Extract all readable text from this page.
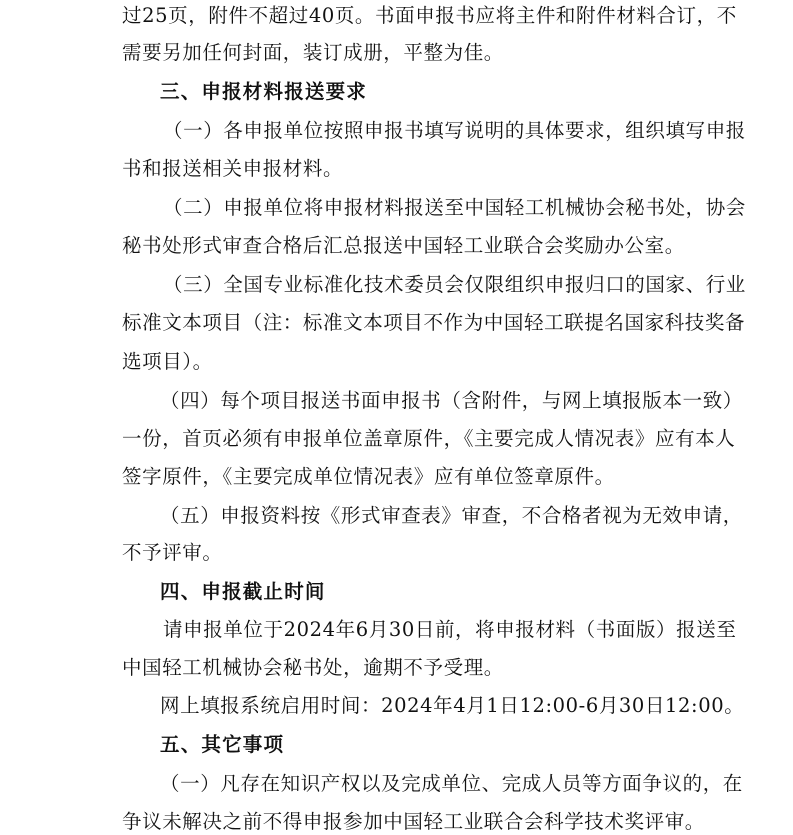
过25页，附件不超过40页。书面申报书应将主件和附件材料合订，不
需要另加任何封面，装订成册，平整为佳。
三、申报材料报送要求
（一）各申报单位按照申报书填写说明的具体要求，组织填写申报
书和报送相关申报材料。
（二）申报单位将申报材料报送至中国轻工机械协会秘书处，协会
秘书处形式审查合格后汇总报送中国轻工业联合会奖励办公室。
（三）全国专业标准化技术委员会仅限组织申报归口的国家、行业
标准文本项目（注：标准文本项目不作为中国轻工联提名国家科技奖备
选项目）。
（四）每个项目报送书面申报书（含附件，与网上填报版本一致）
一份，首页必须有申报单位盖章原件，《主要完成人情况表》应有本人
签字原件，《主要完成单位情况表》应有单位签章原件。
（五）申报资料按《形式审查表》审查，不合格者视为无效申请，
不予评审。
四、申报截止时间
请申报单位于2024年6月30日前，将申报材料（书面版）报送至
中国轻工机械协会秘书处，逾期不予受理。
网上填报系统启用时间：2024年4月1日12:00-6月30日12:00。
五、其它事项
（一）凡存在知识产权以及完成单位、完成人员等方面争议的，在
争议未解决之前不得申报参加中国轻工业联合会科学技术奖评审。
